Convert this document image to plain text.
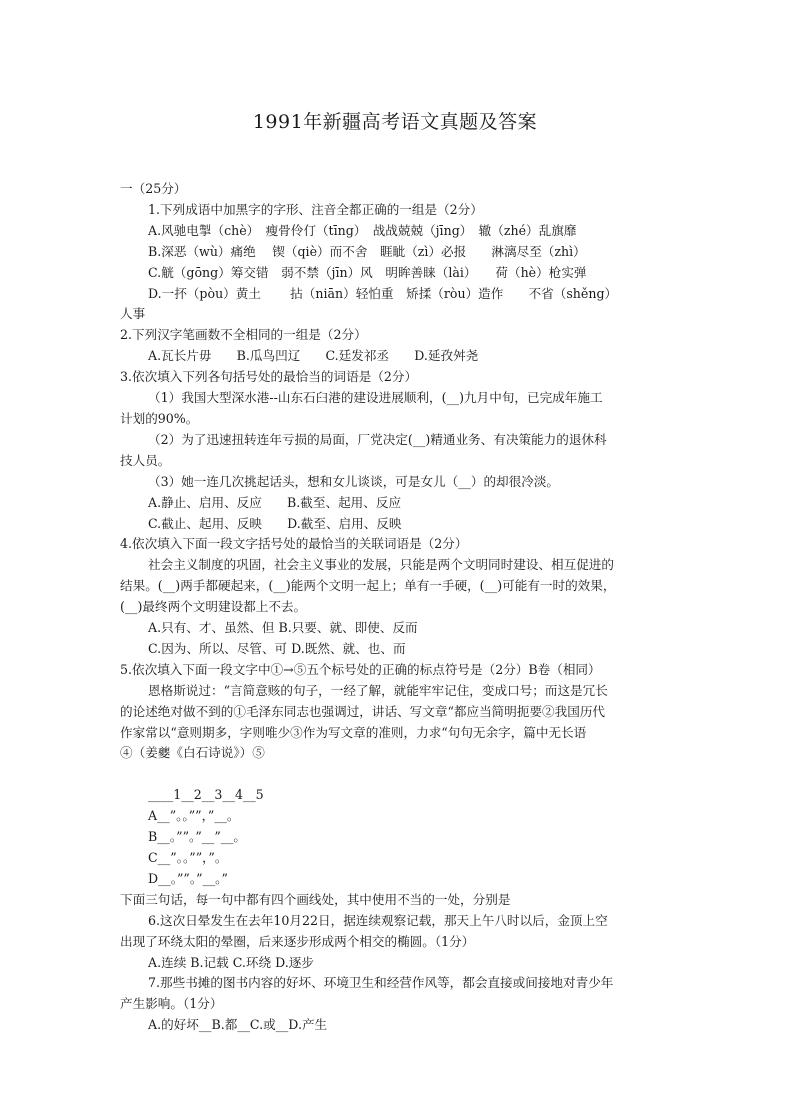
1991年新疆高考语文真题及答案
一（25分）
1.下列成语中加黑字的字形、注音全都正确的一组是（2分）
A.风驰电掣（chè）　瘦骨伶仃（tīng）　战战兢兢（jīng）　辙（zhé）乱旗靡
B.深恶（wù）痛绝　 锲（qiè）而不舍　睚眦（zì）必报　　淋漓尽至（zhì）
C.觥（gōng）筹交错　弱不禁（jīn）风　明眸善睐（lài）　　荷（hè）枪实弹
D.一抔（pòu）黄土　　 拈（niān）轻怕重　矫揉（ròu）造作　　不省（shěng）
人事
2.下列汉字笔画数不全相同的一组是（2分）
A.瓦长片毋　　B.瓜鸟凹辽　　C.廷发祁丞　　D.延孜舛尧
3.依次填入下列各句括号处的最恰当的词语是（2分）
（1）我国大型深水港--山东石臼港的建设进展顺利，(__)九月中旬，已完成年施工
计划的90%。
（2）为了迅速扭转连年亏损的局面，厂党决定(__)精通业务、有决策能力的退休科
技人员。
（3）她一连几次挑起话头，想和女儿谈谈，可是女儿（__）的却很冷淡。
A.静止、启用、反应　　B.截至、起用、反应
C.截止、起用、反映　　D.截至、启用、反映
4.依次填入下面一段文字括号处的最恰当的关联词语是（2分）
社会主义制度的巩固，社会主义事业的发展，只能是两个文明同时建设、相互促进的
结果。(__)两手都硬起来，(__)能两个文明一起上；单有一手硬，(__)可能有一时的效果，
(__)最终两个文明建设都上不去。
A.只有、才、虽然、但 B.只要、就、即使、反而
C.因为、所以、尽管、可 D.既然、就、也、而
5.依次填入下面一段文字中①→⑤五个标号处的正确的标点符号是（2分）B卷（相同）
恩格斯说过：“言简意赅的句子，一经了解，就能牢牢记住，变成口号；而这是冗长
的论述绝对做不到的①毛泽东同志也强调过，讲话、写文章“都应当简明扼要②我国历代
作家常以“意则期多，字则唯少③作为写文章的准则，力求“句句无余字，篇中无长语
④（姜夔《白石诗说》）⑤

____1__2__3__4__5
A__”。。””，”__。
B__。””。”__”__。
C__”。。””，”。
D__。””。”__。”
下面三句话，每一句中都有四个画线处，其中使用不当的一处，分别是
6.这次日晕发生在去年10月22日，据连续观察记载，那天上午八时以后，金顶上空
出现了环绕太阳的晕圈，后来逐步形成两个相交的椭圆。（1分）
A.连续 B.记载 C.环绕 D.逐步
7.那些书摊的图书内容的好坏、环境卫生和经营作风等，都会直接或间接地对青少年
产生影响。（1分）
A.的好坏__B.都__C.或__D.产生
